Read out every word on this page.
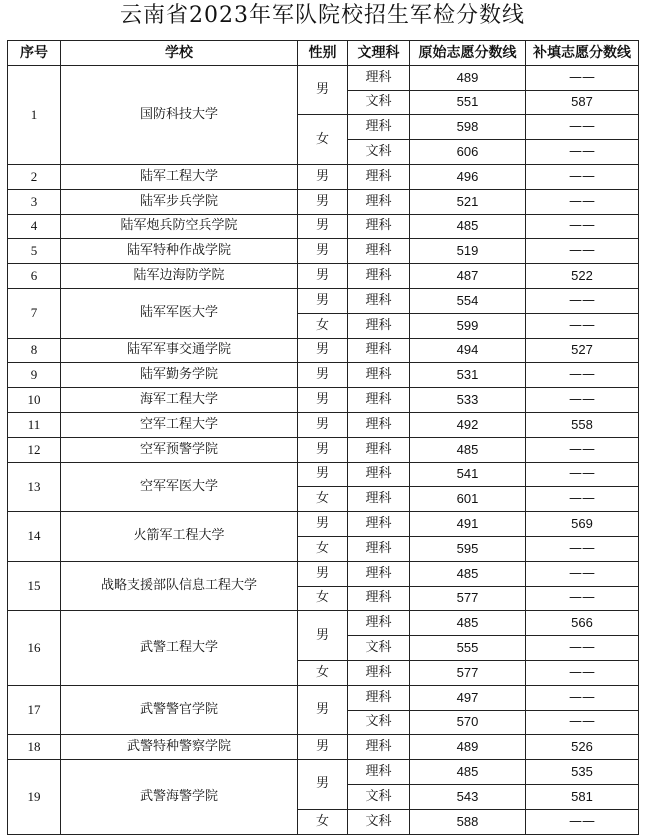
云南省2023年军队院校招生军检分数线
序号	学校	性别	文理科	原始志愿分数线	补填志愿分数线
1	国防科技大学	男	理科	489	——
			文科	551	587
		女	理科	598	——
			文科	606	——
2	陆军工程大学	男	理科	496	——
3	陆军步兵学院	男	理科	521	——
4	陆军炮兵防空兵学院	男	理科	485	——
5	陆军特种作战学院	男	理科	519	——
6	陆军边海防学院	男	理科	487	522
7	陆军军医大学	男	理科	554	——
		女	理科	599	——
8	陆军军事交通学院	男	理科	494	527
9	陆军勤务学院	男	理科	531	——
10	海军工程大学	男	理科	533	——
11	空军工程大学	男	理科	492	558
12	空军预警学院	男	理科	485	——
13	空军军医大学	男	理科	541	——
		女	理科	601	——
14	火箭军工程大学	男	理科	491	569
		女	理科	595	——
15	战略支援部队信息工程大学	男	理科	485	——
		女	理科	577	——
16	武警工程大学	男	理科	485	566
			文科	555	——
		女	理科	577	——
17	武警警官学院	男	理科	497	——
			文科	570	——
18	武警特种警察学院	男	理科	489	526
19	武警海警学院	男	理科	485	535
			文科	543	581
		女	文科	588	——
